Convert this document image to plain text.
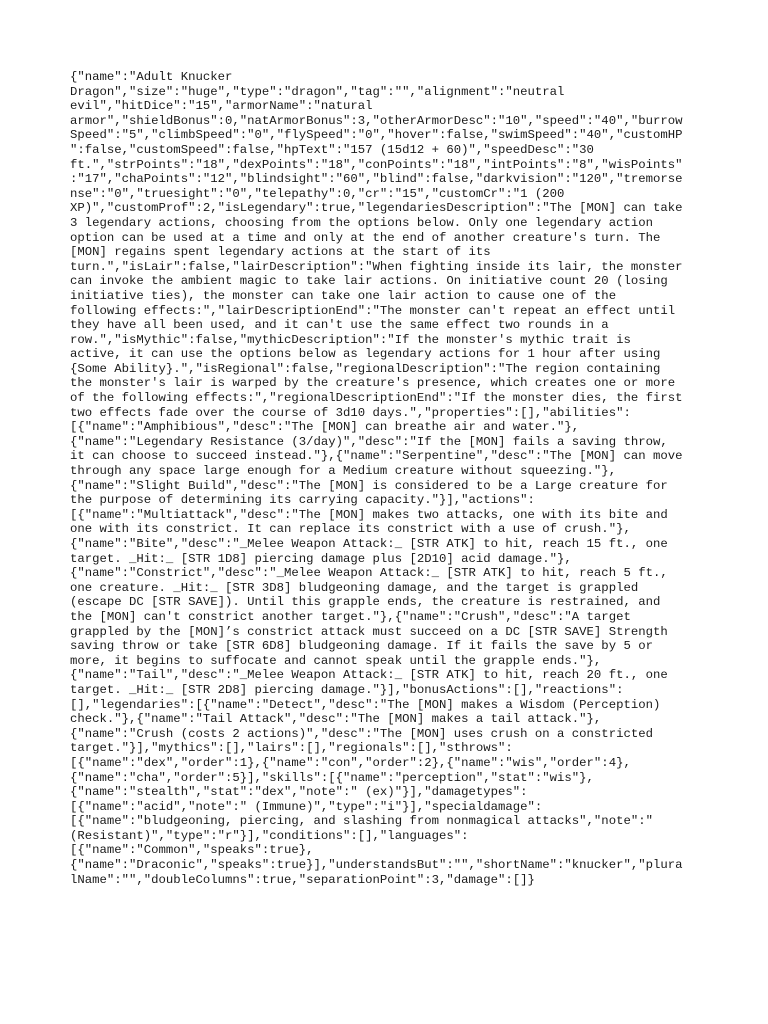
{"name":"Adult Knucker
Dragon","size":"huge","type":"dragon","tag":"","alignment":"neutral
evil","hitDice":"15","armorName":"natural
armor","shieldBonus":0,"natArmorBonus":3,"otherArmorDesc":"10","speed":"40","burrow
Speed":"5","climbSpeed":"0","flySpeed":"0","hover":false,"swimSpeed":"40","customHP
":false,"customSpeed":false,"hpText":"157 (15d12 + 60)","speedDesc":"30
ft.","strPoints":"18","dexPoints":"18","conPoints":"18","intPoints":"8","wisPoints"
:"17","chaPoints":"12","blindsight":"60","blind":false,"darkvision":"120","tremorse
nse":"0","truesight":"0","telepathy":0,"cr":"15","customCr":"1 (200
XP)","customProf":2,"isLegendary":true,"legendariesDescription":"The [MON] can take
3 legendary actions, choosing from the options below. Only one legendary action
option can be used at a time and only at the end of another creature's turn. The
[MON] regains spent legendary actions at the start of its
turn.","isLair":false,"lairDescription":"When fighting inside its lair, the monster
can invoke the ambient magic to take lair actions. On initiative count 20 (losing
initiative ties), the monster can take one lair action to cause one of the
following effects:","lairDescriptionEnd":"The monster can't repeat an effect until
they have all been used, and it can't use the same effect two rounds in a
row.","isMythic":false,"mythicDescription":"If the monster's mythic trait is
active, it can use the options below as legendary actions for 1 hour after using
{Some Ability}.","isRegional":false,"regionalDescription":"The region containing
the monster's lair is warped by the creature's presence, which creates one or more
of the following effects:","regionalDescriptionEnd":"If the monster dies, the first
two effects fade over the course of 3d10 days.","properties":[],"abilities":
[{"name":"Amphibious","desc":"The [MON] can breathe air and water."},
{"name":"Legendary Resistance (3/day)","desc":"If the [MON] fails a saving throw,
it can choose to succeed instead."},{"name":"Serpentine","desc":"The [MON] can move
through any space large enough for a Medium creature without squeezing."},
{"name":"Slight Build","desc":"The [MON] is considered to be a Large creature for
the purpose of determining its carrying capacity."}],"actions":
[{"name":"Multiattack","desc":"The [MON] makes two attacks, one with its bite and
one with its constrict. It can replace its constrict with a use of crush."},
{"name":"Bite","desc":"_Melee Weapon Attack:_ [STR ATK] to hit, reach 15 ft., one
target. _Hit:_ [STR 1D8] piercing damage plus [2D10] acid damage."},
{"name":"Constrict","desc":"_Melee Weapon Attack:_ [STR ATK] to hit, reach 5 ft.,
one creature. _Hit:_ [STR 3D8] bludgeoning damage, and the target is grappled
(escape DC [STR SAVE]). Until this grapple ends, the creature is restrained, and
the [MON] can't constrict another target."},{"name":"Crush","desc":"A target
grappled by the [MON]’s constrict attack must succeed on a DC [STR SAVE] Strength
saving throw or take [STR 6D8] bludgeoning damage. If it fails the save by 5 or
more, it begins to suffocate and cannot speak until the grapple ends."},
{"name":"Tail","desc":"_Melee Weapon Attack:_ [STR ATK] to hit, reach 20 ft., one
target. _Hit:_ [STR 2D8] piercing damage."}],"bonusActions":[],"reactions":
[],"legendaries":[{"name":"Detect","desc":"The [MON] makes a Wisdom (Perception)
check."},{"name":"Tail Attack","desc":"The [MON] makes a tail attack."},
{"name":"Crush (costs 2 actions)","desc":"The [MON] uses crush on a constricted
target."}],"mythics":[],"lairs":[],"regionals":[],"sthrows":
[{"name":"dex","order":1},{"name":"con","order":2},{"name":"wis","order":4},
{"name":"cha","order":5}],"skills":[{"name":"perception","stat":"wis"},
{"name":"stealth","stat":"dex","note":" (ex)"}],"damagetypes":
[{"name":"acid","note":" (Immune)","type":"i"}],"specialdamage":
[{"name":"bludgeoning, piercing, and slashing from nonmagical attacks","note":"
(Resistant)","type":"r"}],"conditions":[],"languages":
[{"name":"Common","speaks":true},
{"name":"Draconic","speaks":true}],"understandsBut":"","shortName":"knucker","plura
lName":"","doubleColumns":true,"separationPoint":3,"damage":[]}
